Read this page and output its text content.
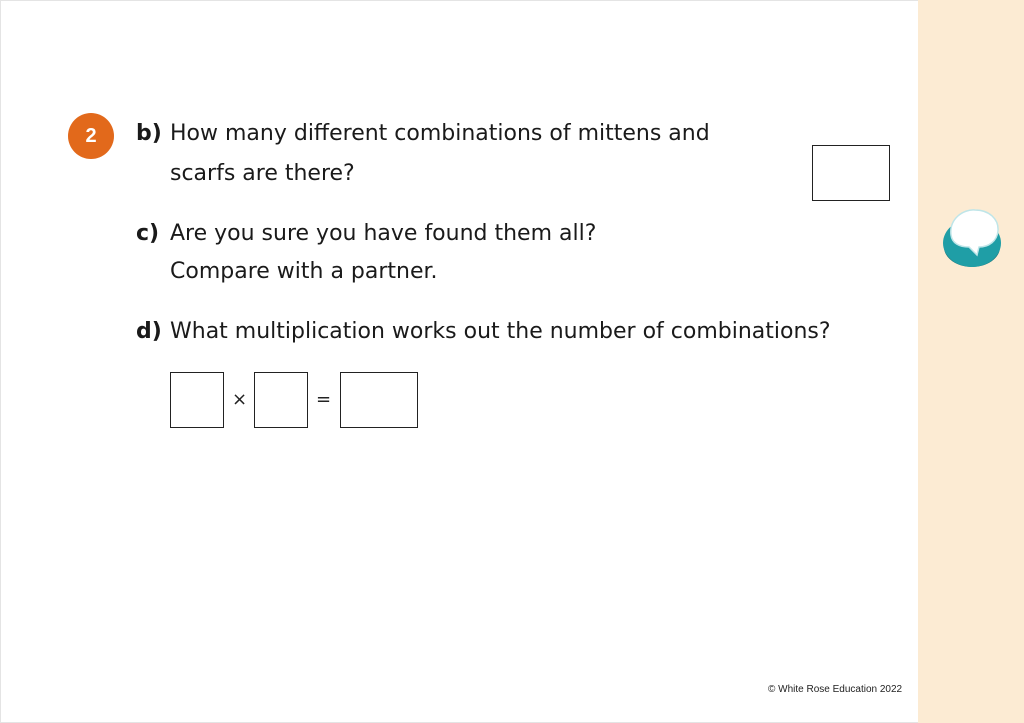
2 b) How many different combinations of mittens and
scarfs are there?
c) Are you sure you have found them all?
Compare with a partner.
d) What multiplication works out the number of combinations?
×	=
© White Rose Education 2022
